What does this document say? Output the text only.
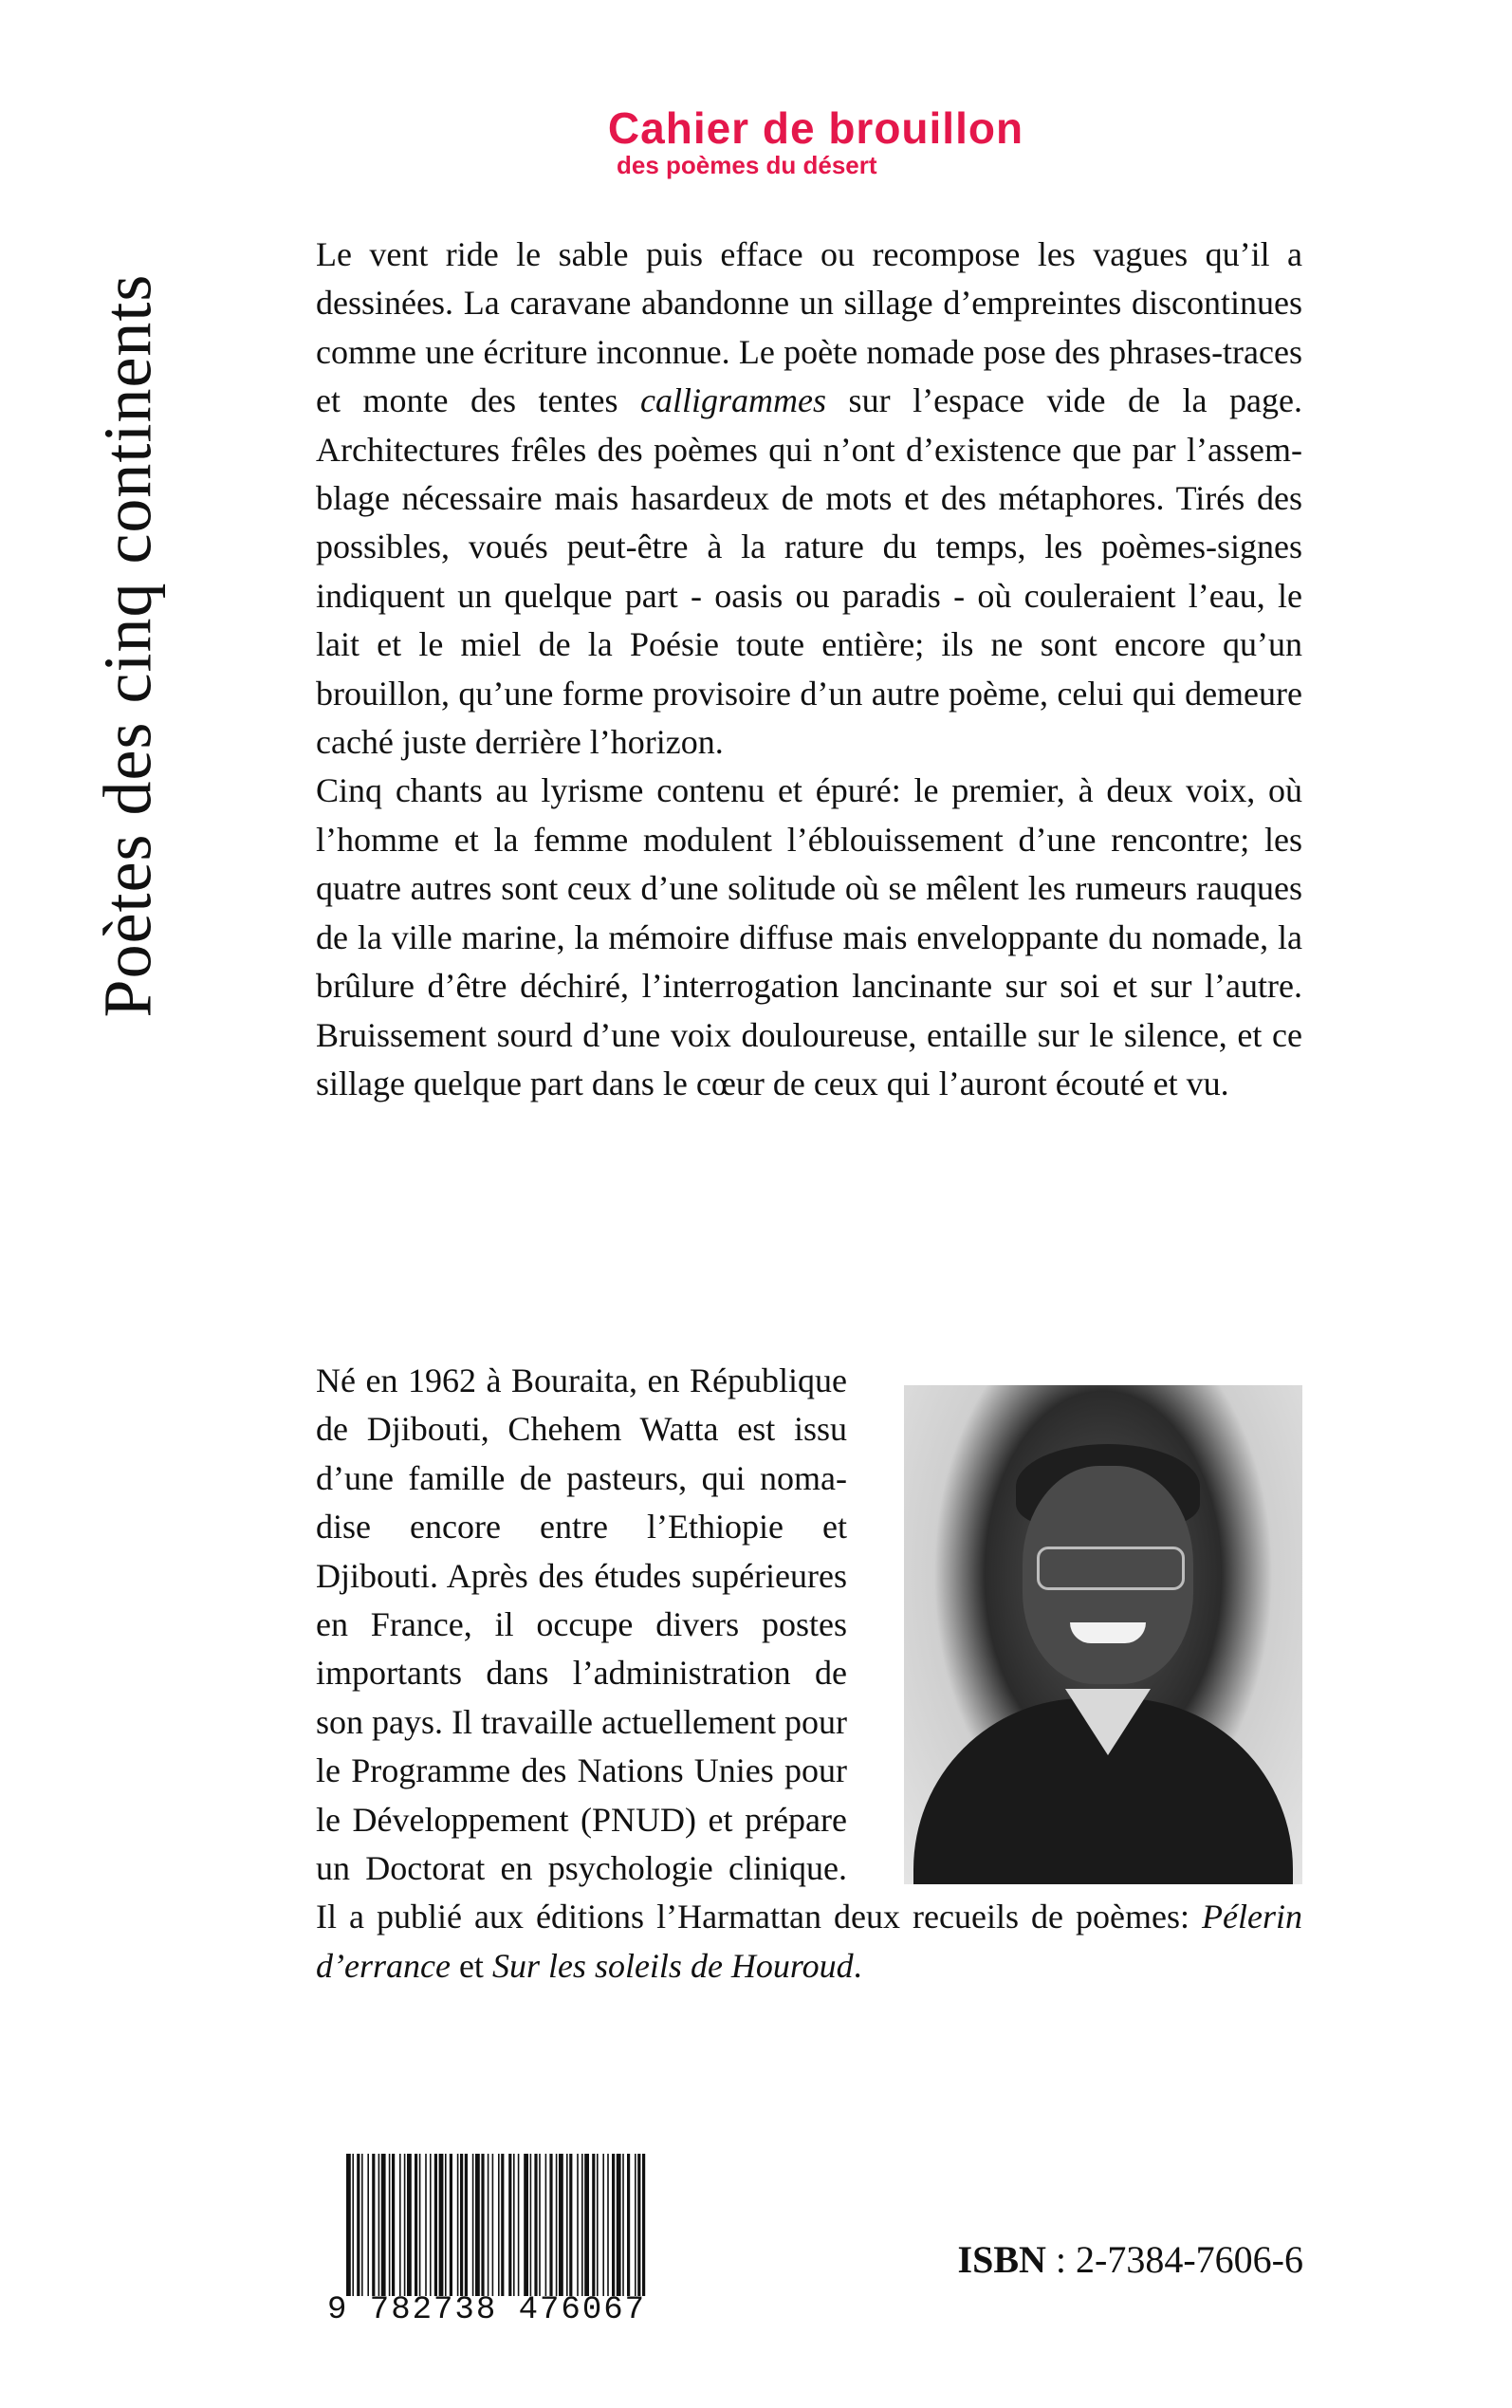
Poètes des cinq continents
Cahier de brouillon
des poèmes du désert

Le vent ride le sable puis efface ou recompose les vagues qu’il a dessinées. La caravane abandonne un sillage d’empreintes discontinues comme une écriture inconnue. Le poète nomade pose des phrases-traces et monte des tentes calligrammes sur l’espace vide de la page. Architectures frêles des poèmes qui n’ont d’existence que par l’assemblage nécessaire mais hasardeux de mots et des métaphores. Tirés des possibles, voués peut-être à la rature du temps, les poèmes-signes indiquent un quelque part - oasis ou paradis - où couleraient l’eau, le lait et le miel de la Poésie toute entière; ils ne sont encore qu’un brouillon, qu’une forme provisoire d’un autre poème, celui qui demeure caché juste derrière l’horizon.

Cinq chants au lyrisme contenu et épuré: le premier, à deux voix, où l’homme et la femme modulent l’éblouissement d’une rencontre; les quatre autres sont ceux d’une solitude où se mêlent les rumeurs rauques de la ville marine, la mémoire diffuse mais enveloppante du nomade, la brûlure d’être déchiré, l’interrogation lancinante sur soi et sur l’autre. Bruissement sourd d’une voix douloureuse, entaille sur le silence, et ce sillage quelque part dans le cœur de ceux qui l’auront écouté et vu.

Né en 1962 à Bouraita, en République de Djibouti, Chehem Watta est issu d’une famille de pasteurs, qui nomadise encore entre l’Ethiopie et Djibouti. Après des études supérieures en France, il occupe divers postes importants dans l’administration de son pays. Il travaille actuellement pour le Programme des Nations Unies pour le Développement (PNUD) et prépare un Doctorat en psychologie clinique. Il a publié aux éditions l’Harmattan deux recueils de poèmes: Pélerin d’errance et Sur les soleils de Houroud.

9 782738 476067
ISBN : 2-7384-7606-6
